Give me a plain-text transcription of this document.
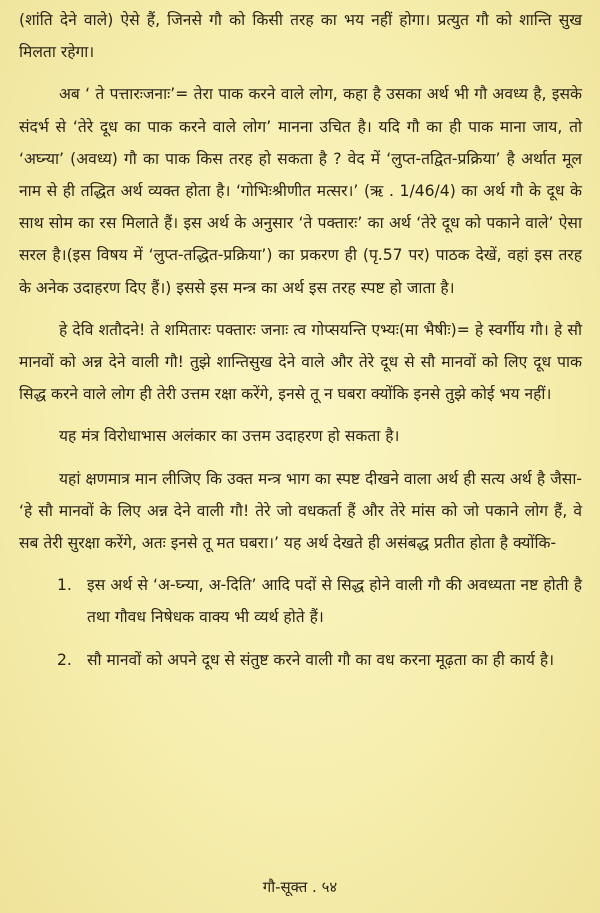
(शांति देने वाले) ऐसे हैं, जिनसे गौ को किसी तरह का भय नहीं होगा। प्रत्युत गौ को शान्ति सुख मिलता रहेगा।

अब ‘ ते पत्तारःजनाः’= तेरा पाक करने वाले लोग, कहा है उसका अर्थ भी गौ अवध्य है, इसके संदर्भ से ‘तेरे दूध का पाक करने वाले लोग’ मानना उचित है। यदि गौ का ही पाक माना जाय, तो ‘अघ्न्या’ (अवध्य) गौ का पाक किस तरह हो सकता है ? वेद में ‘लुप्त-तद्वित-प्रक्रिया’ है अर्थात मूल नाम से ही तद्धित अर्थ व्यक्त होता है। ‘गोभिःश्रीणीत मत्सर।’ (ऋ . 1/46/4) का अर्थ गौ के दूध के साथ सोम का रस मिलाते हैं। इस अर्थ के अनुसार ‘ते पक्तारः’ का अर्थ ‘तेरे दूध को पकाने वाले’ ऐसा सरल है।(इस विषय में ‘लुप्त-तद्धित-प्रक्रिया’) का प्रकरण ही (पृ.57 पर) पाठक देखें, वहां इस तरह के अनेक उदाहरण दिए हैं।) इससे इस मन्त्र का अर्थ इस तरह स्पष्ट हो जाता है।

हे देवि शतौदने! ते शमितारः पक्तारः जनाः त्व गोप्सयन्ति एभ्यः(मा भैषीः)= हे स्वर्गीय गौ। हे सौ मानवों को अन्न देने वाली गौ! तुझे शान्तिसुख देने वाले और तेरे दूध से सौ मानवों को लिए दूध पाक सिद्ध करने वाले लोग ही तेरी उत्तम रक्षा करेंगे, इनसे तू न घबरा क्योंकि इनसे तुझे कोई भय नहीं।

यह मंत्र विरोधाभास अलंकार का उत्तम उदाहरण हो सकता है।

यहां क्षणमात्र मान लीजिए कि उक्त मन्त्र भाग का स्पष्ट दीखने वाला अर्थ ही सत्य अर्थ है जैसा- ‘हे सौ मानवों के लिए अन्न देने वाली गौ! तेरे जो वधकर्ता हैं और तेरे मांस को जो पकाने लोग हैं, वे सब तेरी सुरक्षा करेंगे, अतः इनसे तू मत घबरा।’ यह अर्थ देखते ही असंबद्ध प्रतीत होता है क्योंकि-

1. इस अर्थ से ‘अ-घ्न्या, अ-दिति’ आदि पदों से सिद्ध होने वाली गौ की अवध्यता नष्ट होती है तथा गौवध निषेधक वाक्य भी व्यर्थ होते हैं।

2. सौ मानवों को अपने दूध से संतुष्ट करने वाली गौ का वध करना मूढ़ता का ही कार्य है।

गौ-सूक्त . ५४
